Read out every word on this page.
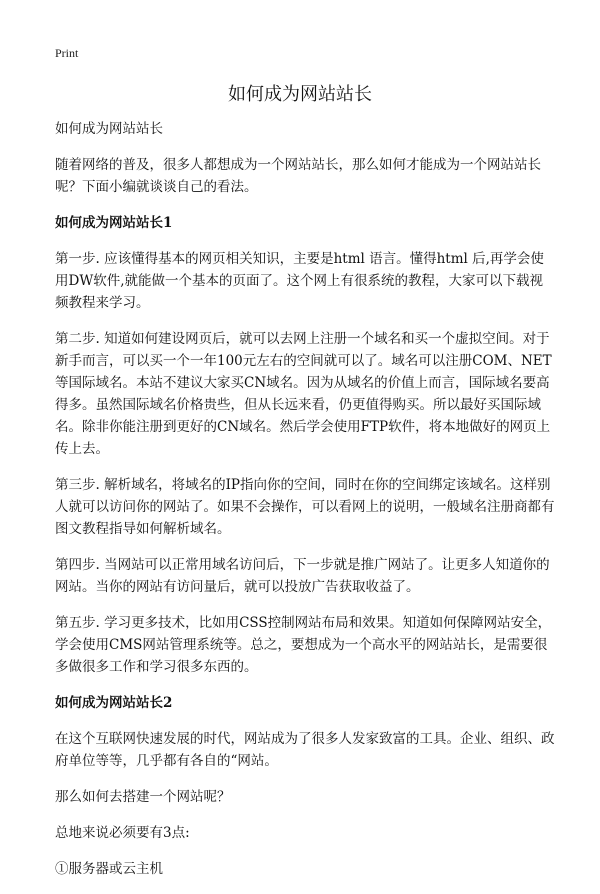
Print
如何成为网站站长

如何成为网站站长

随着网络的普及，很多人都想成为一个网站站长，那么如何才能成为一个网站站长呢？下面小编就谈谈自己的看法。

如何成为网站站长1

第一步. 应该懂得基本的网页相关知识，主要是html 语言。懂得html 后,再学会使用DW软件,就能做一个基本的页面了。这个网上有很系统的教程，大家可以下载视频教程来学习。

第二步. 知道如何建设网页后，就可以去网上注册一个域名和买一个虚拟空间。对于新手而言，可以买一个一年100元左右的空间就可以了。域名可以注册COM、NET等国际域名。本站不建议大家买CN域名。因为从域名的价值上而言，国际域名要高得多。虽然国际域名价格贵些，但从长远来看，仍更值得购买。所以最好买国际域名。除非你能注册到更好的CN域名。然后学会使用FTP软件，将本地做好的网页上传上去。

第三步. 解析域名，将域名的IP指向你的空间，同时在你的空间绑定该域名。这样别人就可以访问你的网站了。如果不会操作，可以看网上的说明，一般域名注册商都有图文教程指导如何解析域名。

第四步. 当网站可以正常用域名访问后，下一步就是推广网站了。让更多人知道你的网站。当你的网站有访问量后，就可以投放广告获取收益了。

第五步. 学习更多技术，比如用CSS控制网站布局和效果。知道如何保障网站安全，学会使用CMS网站管理系统等。总之，要想成为一个高水平的网站站长，是需要很多做很多工作和学习很多东西的。

如何成为网站站长2

在这个互联网快速发展的时代，网站成为了很多人发家致富的工具。企业、组织、政府单位等等，几乎都有各自的“网站。

那么如何去搭建一个网站呢？

总地来说必须要有3点:

①服务器或云主机
